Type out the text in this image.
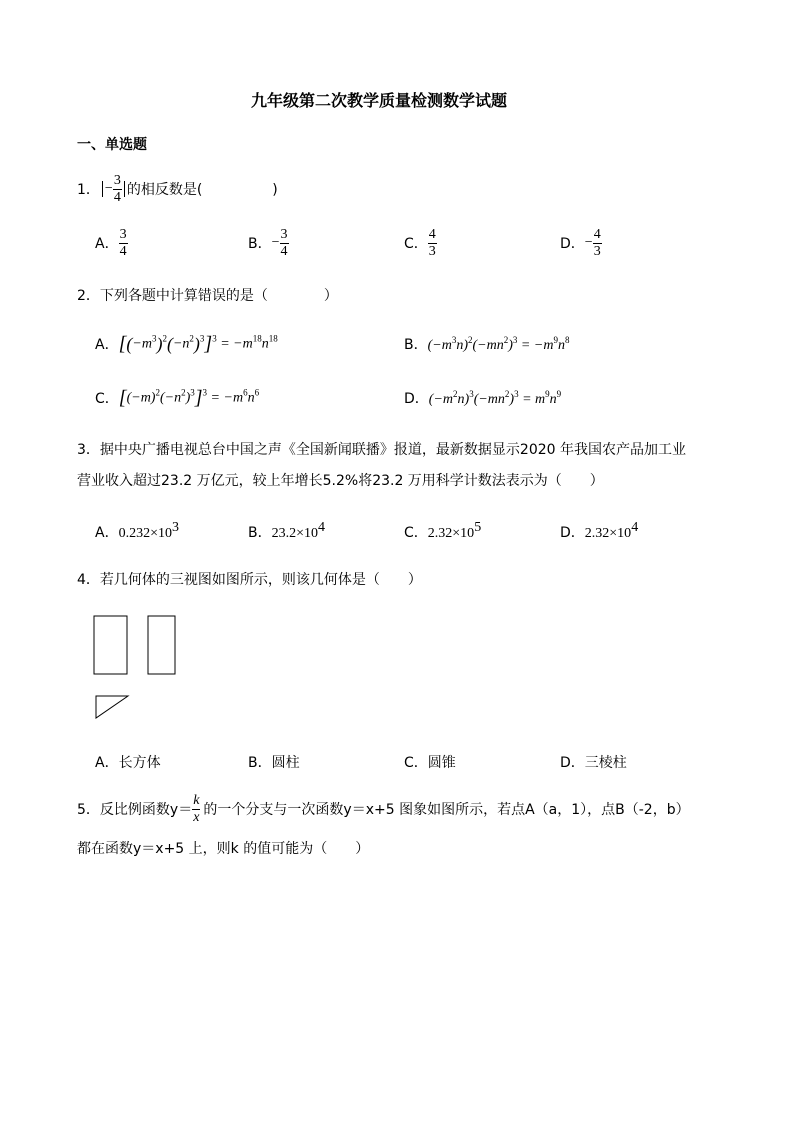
九年级第二次教学质量检测数学试题
一、单选题
1． − $\frac{3}{4}$ 的相反数是(　　　　　)
A． $\frac{3}{4}$	B． − $\frac{3}{4}$	C． $\frac{4}{3}$	D． − $\frac{4}{3}$
2．下列各题中计算错误的是（　　　　）
A． $[(-m^3)^2(-n^2)^3]^3 = -m^{18}n^{18}$	B． $(-m^3n)^2(-mn^2)^3 = -m^9n^8$
C． $[(-m)^2(-n^2)^3]^3 = -m^6n^6$	D． $(-m^2n)^3(-mn^2)^3 = m^9n^9$
3．据中央广播电视总台中国之声《全国新闻联播》报道，最新数据显示2020 年我国农产品加工业
营业收入超过23.2 万亿元，较上年增长5.2%将23.2 万用科学计数法表示为（　　）
A．$0.232\times 10^3$	B．$23.2\times 10^4$	C．$2.32\times 10^5$	D．$2.32\times 10^4$
4．若几何体的三视图如图所示，则该几何体是（　　）
A．长方体	B．圆柱	C．圆锥	D．三棱柱
5．反比例函数$y= \frac{k}{x}$ 的一个分支与一次函数y＝x+5 图象如图所示，若点A（a，1），点B（-2，b）
都在函数y＝x+5 上，则k 的值可能为（　　）
